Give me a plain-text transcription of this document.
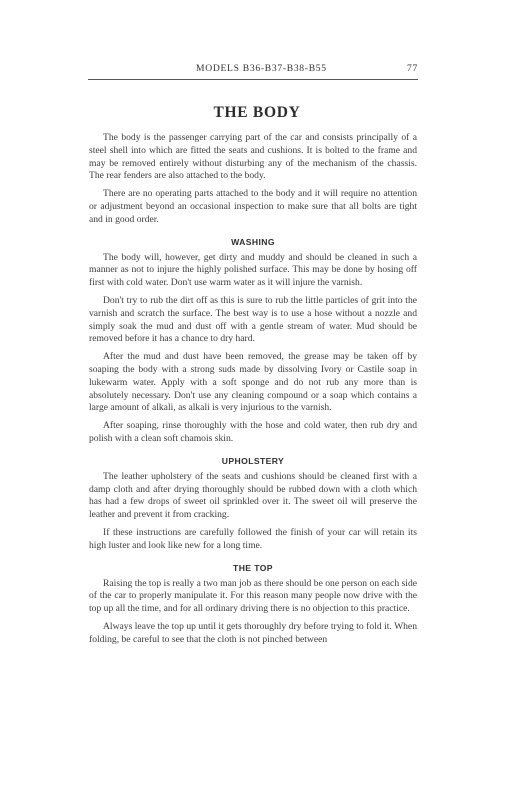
MODELS B36-B37-B38-B55	77
THE BODY

The body is the passenger carrying part of the car and consists principally of a steel shell into which are fitted the seats and cushions. It is bolted to the frame and may be removed entirely without disturbing any of the mechanism of the chassis. The rear fenders are also attached to the body.

There are no operating parts attached to the body and it will require no attention or adjustment beyond an occasional inspection to make sure that all bolts are tight and in good order.

WASHING

The body will, however, get dirty and muddy and should be cleaned in such a manner as not to injure the highly polished surface. This may be done by hosing off first with cold water. Don't use warm water as it will injure the varnish.

Don't try to rub the dirt off as this is sure to rub the little particles of grit into the varnish and scratch the surface. The best way is to use a hose without a nozzle and simply soak the mud and dust off with a gentle stream of water. Mud should be removed before it has a chance to dry hard.

After the mud and dust have been removed, the grease may be taken off by soaping the body with a strong suds made by dissolving Ivory or Castile soap in lukewarm water. Apply with a soft sponge and do not rub any more than is absolutely necessary. Don't use any cleaning compound or a soap which contains a large amount of alkali, as alkali is very injurious to the varnish.

After soaping, rinse thoroughly with the hose and cold water, then rub dry and polish with a clean soft chamois skin.

UPHOLSTERY

The leather upholstery of the seats and cushions should be cleaned first with a damp cloth and after drying thoroughly should be rubbed down with a cloth which has had a few drops of sweet oil sprinkled over it. The sweet oil will preserve the leather and prevent it from cracking.

If these instructions are carefully followed the finish of your car will retain its high luster and look like new for a long time.

THE TOP

Raising the top is really a two man job as there should be one person on each side of the car to properly manipulate it. For this reason many people now drive with the top up all the time, and for all ordinary driving there is no objection to this practice.

Always leave the top up until it gets thoroughly dry before trying to fold it. When folding, be careful to see that the cloth is not pinched between
